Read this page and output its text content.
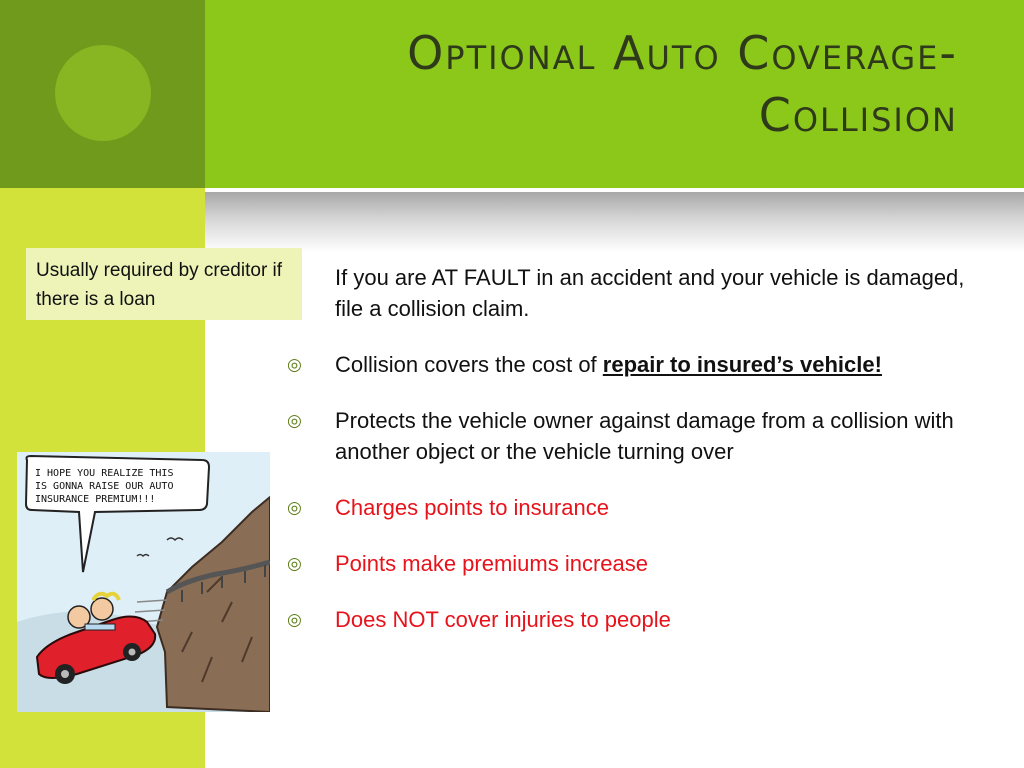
Optional Auto Coverage- Collision
Usually required by creditor if there is a loan
I HOPE YOU REALIZE THIS
IS GONNA RAISE OUR AUTO
INSURANCE PREMIUM!!!

If you are AT FAULT in an accident and your vehicle is damaged, file a collision claim.

◎ Collision covers the cost of repair to insured’s vehicle!
◎ Protects the vehicle owner against damage from a collision with another object or the vehicle turning over
◎ Charges points to insurance
◎ Points make premiums increase
◎ Does NOT cover injuries to people
